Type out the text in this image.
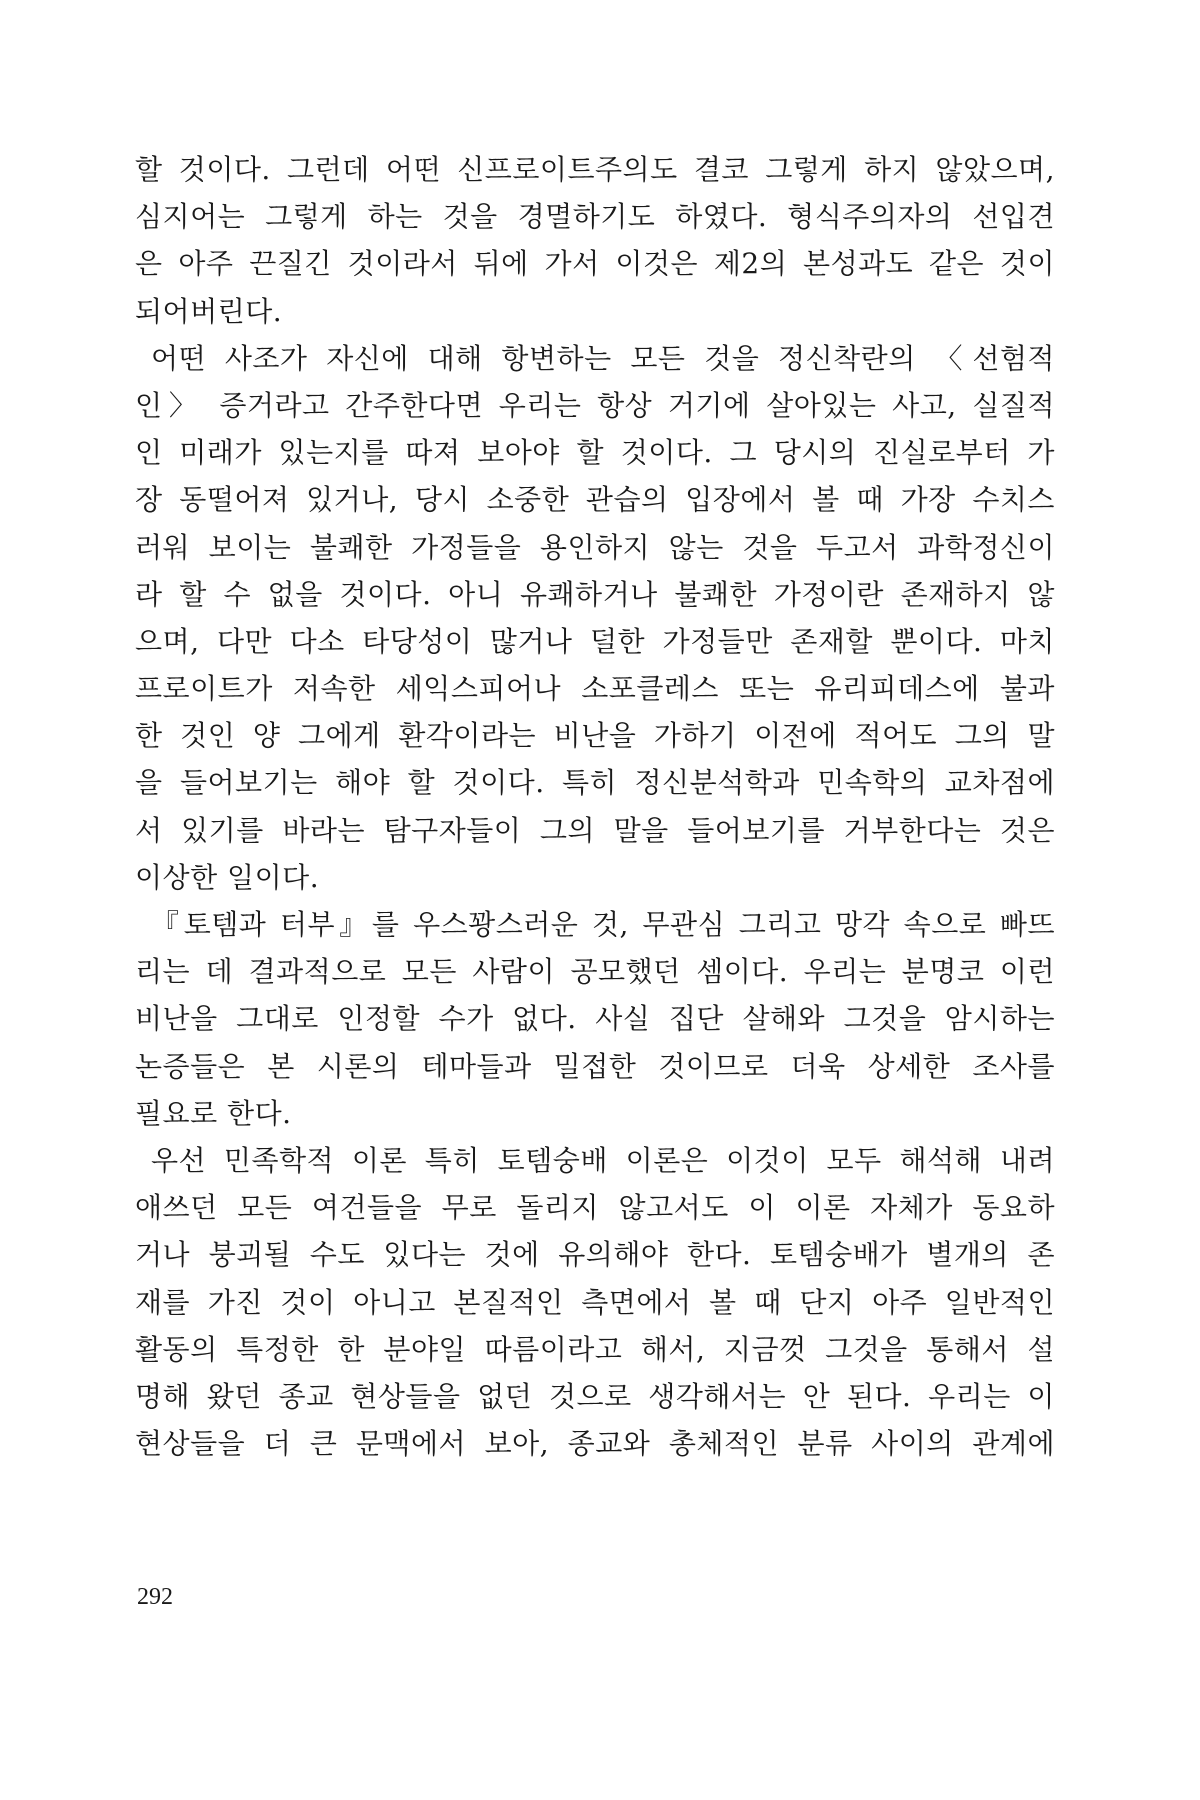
할 것이다. 그런데 어떤 신프로이트주의도 결코 그렇게 하지 않았으며,
심지어는 그렇게 하는 것을 경멸하기도 하였다. 형식주의자의 선입견
은 아주 끈질긴 것이라서 뒤에 가서 이것은 제2의 본성과도 같은 것이
되어버린다.
어떤 사조가 자신에 대해 항변하는 모든 것을 정신착란의 〈선험적
인〉 증거라고 간주한다면 우리는 항상 거기에 살아있는 사고, 실질적
인 미래가 있는지를 따져 보아야 할 것이다. 그 당시의 진실로부터 가
장 동떨어져 있거나, 당시 소중한 관습의 입장에서 볼 때 가장 수치스
러워 보이는 불쾌한 가정들을 용인하지 않는 것을 두고서 과학정신이
라 할 수 없을 것이다. 아니 유쾌하거나 불쾌한 가정이란 존재하지 않
으며, 다만 다소 타당성이 많거나 덜한 가정들만 존재할 뿐이다. 마치
프로이트가 저속한 세익스피어나 소포클레스 또는 유리피데스에 불과
한 것인 양 그에게 환각이라는 비난을 가하기 이전에 적어도 그의 말
을 들어보기는 해야 할 것이다. 특히 정신분석학과 민속학의 교차점에
서 있기를 바라는 탐구자들이 그의 말을 들어보기를 거부한다는 것은
이상한 일이다.
『토템과 터부』를 우스꽝스러운 것, 무관심 그리고 망각 속으로 빠뜨
리는 데 결과적으로 모든 사람이 공모했던 셈이다. 우리는 분명코 이런
비난을 그대로 인정할 수가 없다. 사실 집단 살해와 그것을 암시하는
논증들은 본 시론의 테마들과 밀접한 것이므로 더욱 상세한 조사를
필요로 한다.
우선 민족학적 이론 특히 토템숭배 이론은 이것이 모두 해석해 내려
애쓰던 모든 여건들을 무로 돌리지 않고서도 이 이론 자체가 동요하
거나 붕괴될 수도 있다는 것에 유의해야 한다. 토템숭배가 별개의 존
재를 가진 것이 아니고 본질적인 측면에서 볼 때 단지 아주 일반적인
활동의 특정한 한 분야일 따름이라고 해서, 지금껏 그것을 통해서 설
명해 왔던 종교 현상들을 없던 것으로 생각해서는 안 된다. 우리는 이
현상들을 더 큰 문맥에서 보아, 종교와 총체적인 분류 사이의 관계에
292
